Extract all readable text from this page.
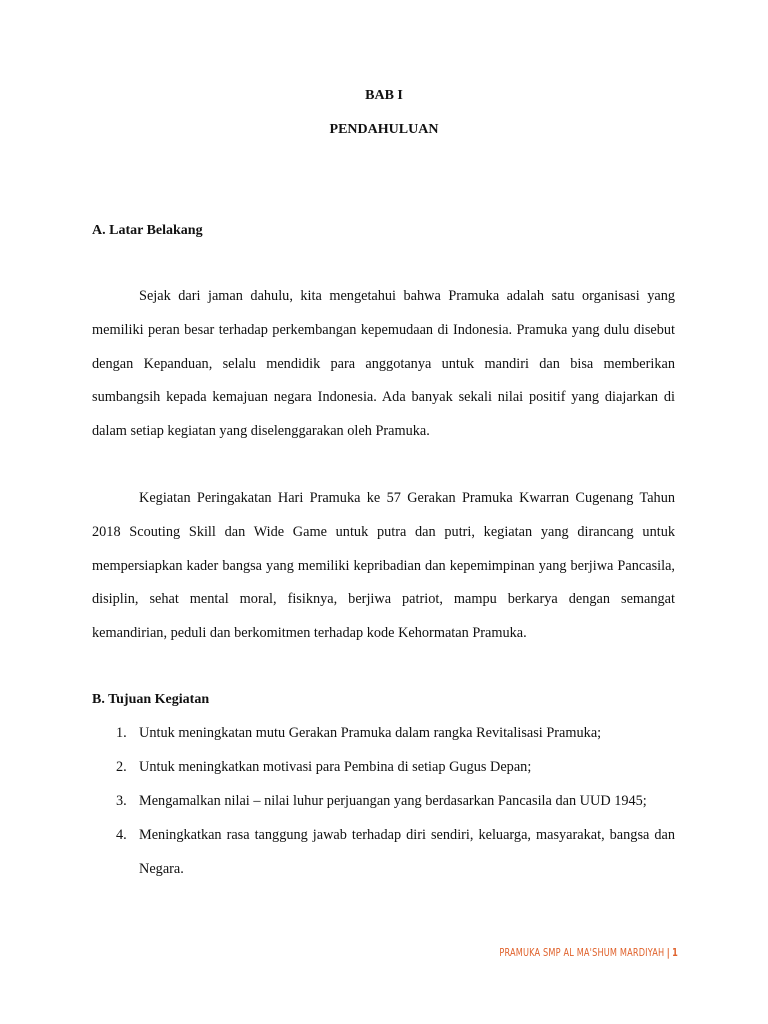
BAB I
PENDAHULUAN
A. Latar Belakang

Sejak dari jaman dahulu, kita mengetahui bahwa Pramuka adalah satu organisasi yang memiliki peran besar terhadap perkembangan kepemudaan di Indonesia. Pramuka yang dulu disebut dengan Kepanduan, selalu mendidik para anggotanya untuk mandiri dan bisa memberikan sumbangsih kepada kemajuan negara Indonesia. Ada banyak sekali nilai positif yang diajarkan di dalam setiap kegiatan yang diselenggarakan oleh Pramuka.

Kegiatan Peringakatan Hari Pramuka ke 57 Gerakan Pramuka Kwarran Cugenang Tahun 2018 Scouting Skill dan Wide Game untuk putra dan putri, kegiatan yang dirancang untuk mempersiapkan kader bangsa yang memiliki kepribadian dan kepemimpinan yang berjiwa Pancasila, disiplin, sehat mental moral, fisiknya, berjiwa patriot, mampu berkarya dengan semangat kemandirian, peduli dan berkomitmen terhadap kode Kehormatan Pramuka.

B. Tujuan Kegiatan
1. Untuk meningkatan mutu Gerakan Pramuka dalam rangka Revitalisasi Pramuka;
2. Untuk meningkatkan motivasi para Pembina di setiap Gugus Depan;
3. Mengamalkan nilai – nilai luhur perjuangan yang berdasarkan Pancasila dan UUD 1945;
4. Meningkatkan rasa tanggung jawab terhadap diri sendiri, keluarga, masyarakat, bangsa dan Negara.
PRAMUKA SMP AL MA'SHUM MARDIYAH | 1
